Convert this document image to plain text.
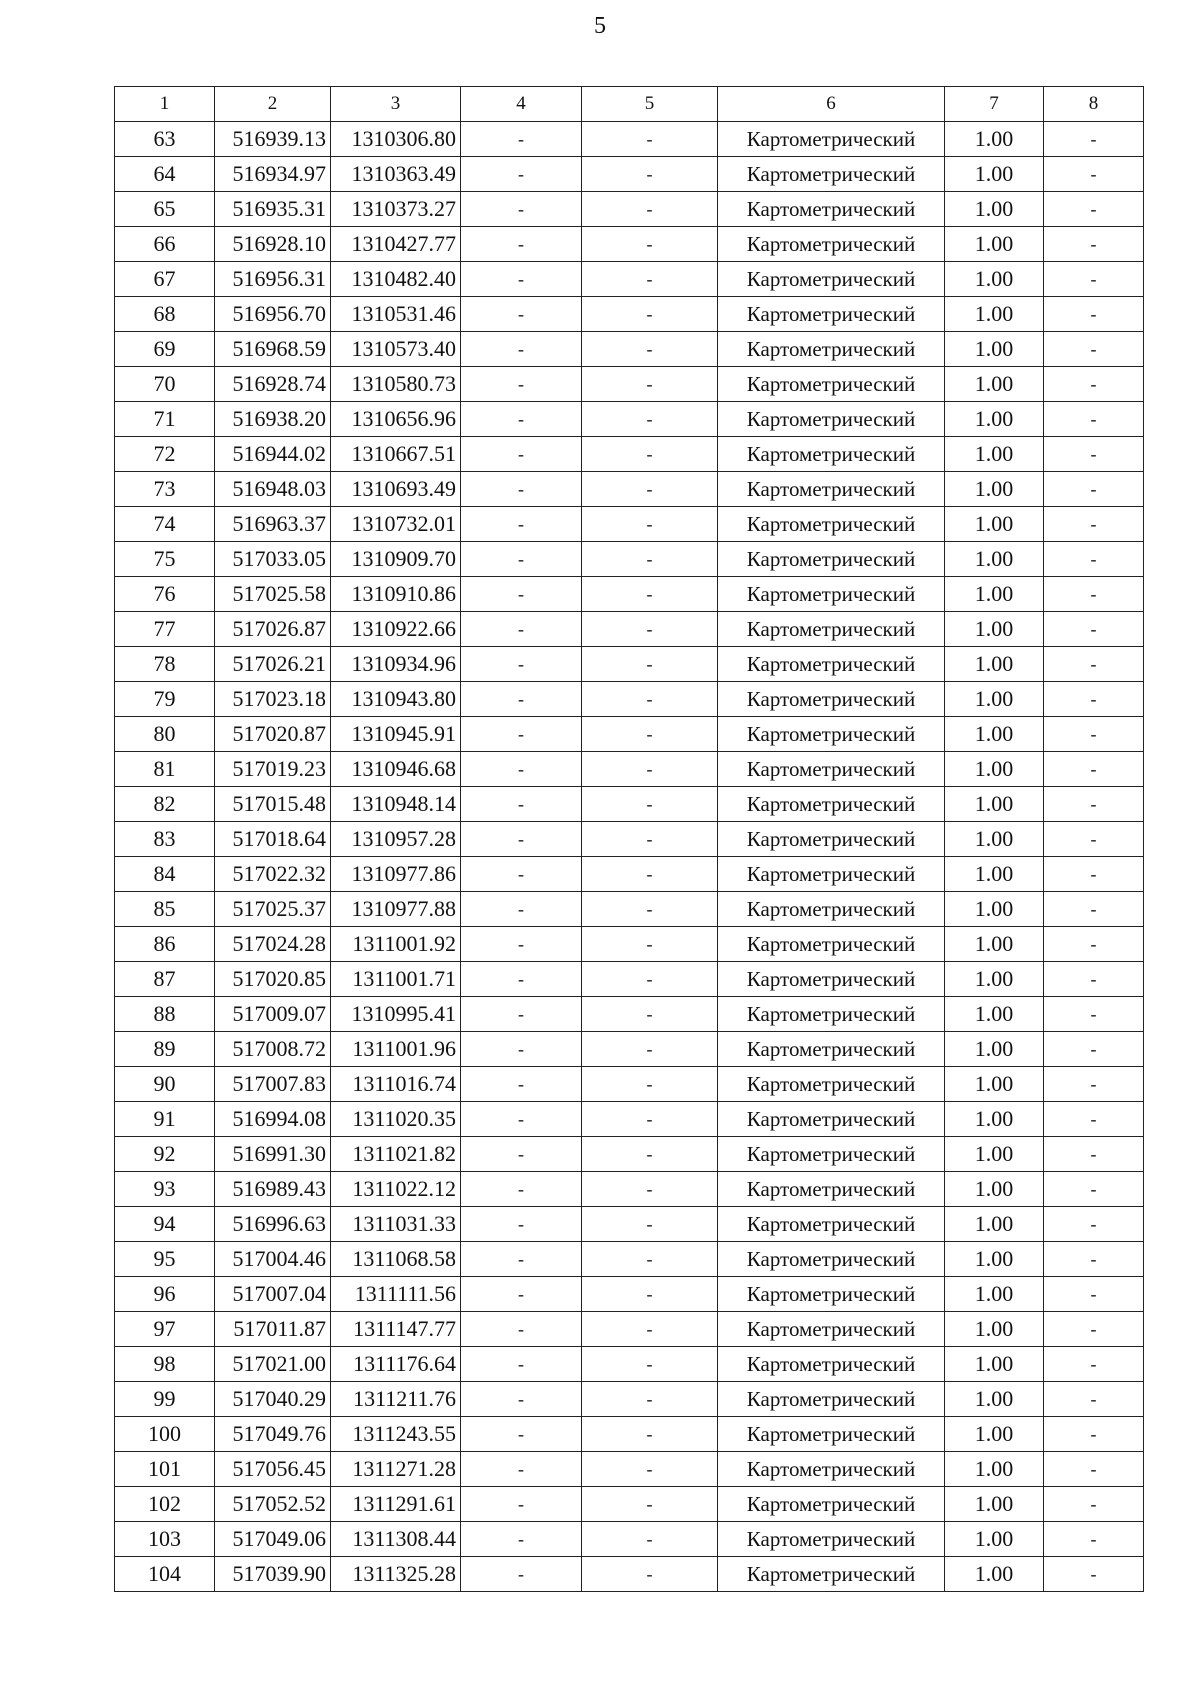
5
1	2	3	4	5	6	7	8
63	516939.13	1310306.80	-	-	Картометрический	1.00	-
64	516934.97	1310363.49	-	-	Картометрический	1.00	-
65	516935.31	1310373.27	-	-	Картометрический	1.00	-
66	516928.10	1310427.77	-	-	Картометрический	1.00	-
67	516956.31	1310482.40	-	-	Картометрический	1.00	-
68	516956.70	1310531.46	-	-	Картометрический	1.00	-
69	516968.59	1310573.40	-	-	Картометрический	1.00	-
70	516928.74	1310580.73	-	-	Картометрический	1.00	-
71	516938.20	1310656.96	-	-	Картометрический	1.00	-
72	516944.02	1310667.51	-	-	Картометрический	1.00	-
73	516948.03	1310693.49	-	-	Картометрический	1.00	-
74	516963.37	1310732.01	-	-	Картометрический	1.00	-
75	517033.05	1310909.70	-	-	Картометрический	1.00	-
76	517025.58	1310910.86	-	-	Картометрический	1.00	-
77	517026.87	1310922.66	-	-	Картометрический	1.00	-
78	517026.21	1310934.96	-	-	Картометрический	1.00	-
79	517023.18	1310943.80	-	-	Картометрический	1.00	-
80	517020.87	1310945.91	-	-	Картометрический	1.00	-
81	517019.23	1310946.68	-	-	Картометрический	1.00	-
82	517015.48	1310948.14	-	-	Картометрический	1.00	-
83	517018.64	1310957.28	-	-	Картометрический	1.00	-
84	517022.32	1310977.86	-	-	Картометрический	1.00	-
85	517025.37	1310977.88	-	-	Картометрический	1.00	-
86	517024.28	1311001.92	-	-	Картометрический	1.00	-
87	517020.85	1311001.71	-	-	Картометрический	1.00	-
88	517009.07	1310995.41	-	-	Картометрический	1.00	-
89	517008.72	1311001.96	-	-	Картометрический	1.00	-
90	517007.83	1311016.74	-	-	Картометрический	1.00	-
91	516994.08	1311020.35	-	-	Картометрический	1.00	-
92	516991.30	1311021.82	-	-	Картометрический	1.00	-
93	516989.43	1311022.12	-	-	Картометрический	1.00	-
94	516996.63	1311031.33	-	-	Картометрический	1.00	-
95	517004.46	1311068.58	-	-	Картометрический	1.00	-
96	517007.04	1311111.56	-	-	Картометрический	1.00	-
97	517011.87	1311147.77	-	-	Картометрический	1.00	-
98	517021.00	1311176.64	-	-	Картометрический	1.00	-
99	517040.29	1311211.76	-	-	Картометрический	1.00	-
100	517049.76	1311243.55	-	-	Картометрический	1.00	-
101	517056.45	1311271.28	-	-	Картометрический	1.00	-
102	517052.52	1311291.61	-	-	Картометрический	1.00	-
103	517049.06	1311308.44	-	-	Картометрический	1.00	-
104	517039.90	1311325.28	-	-	Картометрический	1.00	-
